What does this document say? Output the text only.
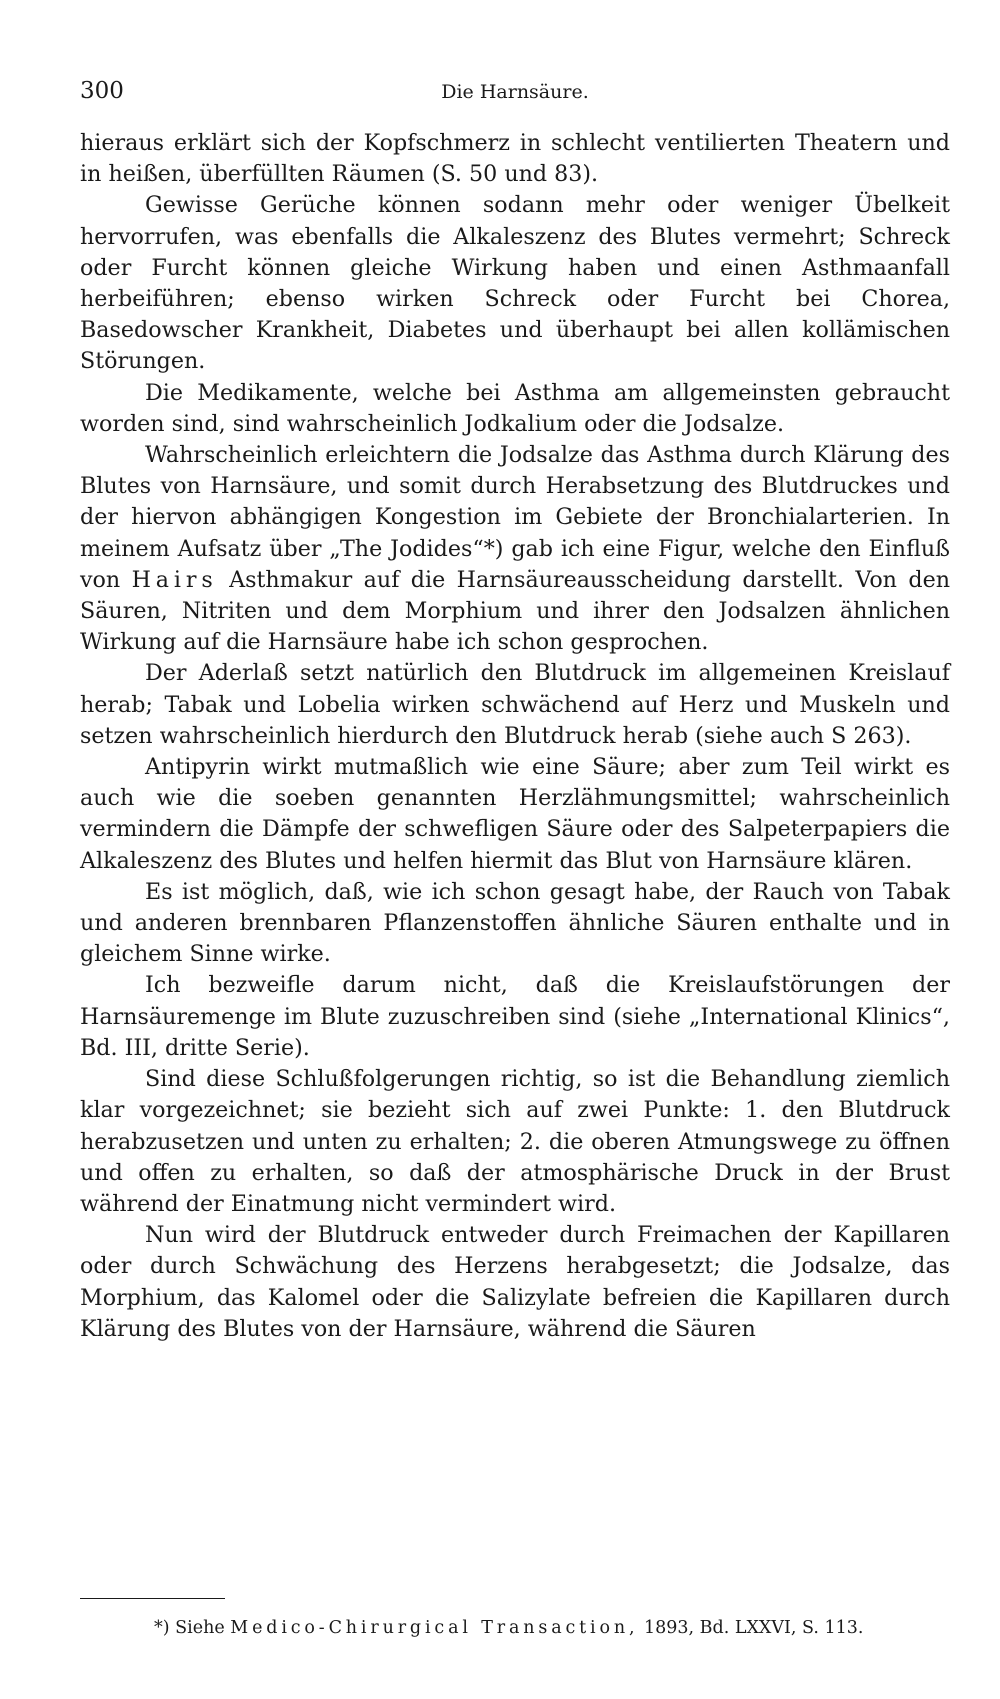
300	Die Harnsäure.

hieraus erklärt sich der Kopfschmerz in schlecht ventilierten Theatern und in heißen, überfüllten Räumen (S. 50 und 83).

Gewisse Gerüche können sodann mehr oder weniger Übelkeit hervorrufen, was ebenfalls die Alkaleszenz des Blutes vermehrt; Schreck oder Furcht können gleiche Wirkung haben und einen Asthmaanfall herbeiführen; ebenso wirken Schreck oder Furcht bei Chorea, Basedowscher Krankheit, Diabetes und überhaupt bei allen kollämischen Störungen.

Die Medikamente, welche bei Asthma am allgemeinsten gebraucht worden sind, sind wahrscheinlich Jodkalium oder die Jodsalze.

Wahrscheinlich erleichtern die Jodsalze das Asthma durch Klärung des Blutes von Harnsäure, und somit durch Herabsetzung des Blutdruckes und der hiervon abhängigen Kongestion im Gebiete der Bronchialarterien. In meinem Aufsatz über „The Jodides“*) gab ich eine Figur, welche den Einfluß von Hairs Asthmakur auf die Harnsäureausscheidung darstellt. Von den Säuren, Nitriten und dem Morphium und ihrer den Jodsalzen ähnlichen Wirkung auf die Harnsäure habe ich schon gesprochen.

Der Aderlaß setzt natürlich den Blutdruck im allgemeinen Kreislauf herab; Tabak und Lobelia wirken schwächend auf Herz und Muskeln und setzen wahrscheinlich hierdurch den Blutdruck herab (siehe auch S 263).

Antipyrin wirkt mutmaßlich wie eine Säure; aber zum Teil wirkt es auch wie die soeben genannten Herzlähmungsmittel; wahrscheinlich vermindern die Dämpfe der schwefligen Säure oder des Salpeterpapiers die Alkaleszenz des Blutes und helfen hiermit das Blut von Harnsäure klären.

Es ist möglich, daß, wie ich schon gesagt habe, der Rauch von Tabak und anderen brennbaren Pflanzenstoffen ähnliche Säuren enthalte und in gleichem Sinne wirke.

Ich bezweifle darum nicht, daß die Kreislaufstörungen der Harnsäuremenge im Blute zuzuschreiben sind (siehe „International Klinics“, Bd. III, dritte Serie).

Sind diese Schlußfolgerungen richtig, so ist die Behandlung ziemlich klar vorgezeichnet; sie bezieht sich auf zwei Punkte: 1. den Blutdruck herabzusetzen und unten zu erhalten; 2. die oberen Atmungswege zu öffnen und offen zu erhalten, so daß der atmosphärische Druck in der Brust während der Einatmung nicht vermindert wird.

Nun wird der Blutdruck entweder durch Freimachen der Kapillaren oder durch Schwächung des Herzens herabgesetzt; die Jodsalze, das Morphium, das Kalomel oder die Salizylate befreien die Kapillaren durch Klärung des Blutes von der Harnsäure, während die Säuren

*) Siehe Medico-Chirurgical Transaction, 1893, Bd. LXXVI, S. 113.
